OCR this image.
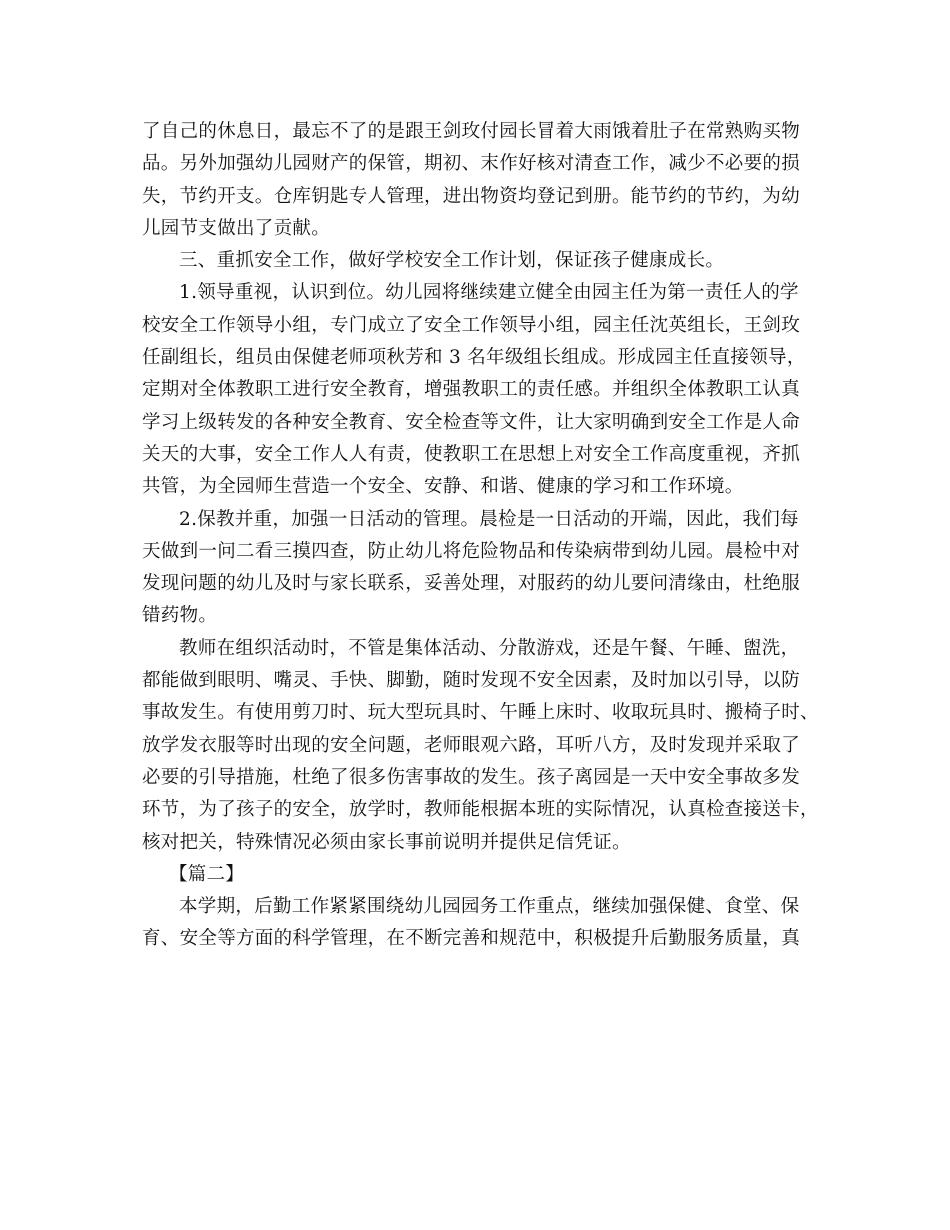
了自己的休息日，最忘不了的是跟王剑玫付园长冒着大雨饿着肚子在常熟购买物
品。另外加强幼儿园财产的保管，期初、末作好核对清查工作，减少不必要的损
失，节约开支。仓库钥匙专人管理，进出物资均登记到册。能节约的节约，为幼
儿园节支做出了贡献。
三、重抓安全工作，做好学校安全工作计划，保证孩子健康成长。
1.领导重视，认识到位。幼儿园将继续建立健全由园主任为第一责任人的学
校安全工作领导小组，专门成立了安全工作领导小组，园主任沈英组长，王剑玫
任副组长，组员由保健老师项秋芳和 3 名年级组长组成。形成园主任直接领导，
定期对全体教职工进行安全教育，增强教职工的责任感。并组织全体教职工认真
学习上级转发的各种安全教育、安全检查等文件，让大家明确到安全工作是人命
关天的大事，安全工作人人有责，使教职工在思想上对安全工作高度重视，齐抓
共管，为全园师生营造一个安全、安静、和谐、健康的学习和工作环境。
2.保教并重，加强一日活动的管理。晨检是一日活动的开端，因此，我们每
天做到一问二看三摸四查，防止幼儿将危险物品和传染病带到幼儿园。晨检中对
发现问题的幼儿及时与家长联系，妥善处理，对服药的幼儿要问清缘由，杜绝服
错药物。
教师在组织活动时，不管是集体活动、分散游戏，还是午餐、午睡、盥洗，
都能做到眼明、嘴灵、手快、脚勤，随时发现不安全因素，及时加以引导，以防
事故发生。有使用剪刀时、玩大型玩具时、午睡上床时、收取玩具时、搬椅子时、
放学发衣服等时出现的安全问题，老师眼观六路，耳听八方，及时发现并采取了
必要的引导措施，杜绝了很多伤害事故的发生。孩子离园是一天中安全事故多发
环节，为了孩子的安全，放学时，教师能根据本班的实际情况，认真检查接送卡，
核对把关，特殊情况必须由家长事前说明并提供足信凭证。
【篇二】
本学期，后勤工作紧紧围绕幼儿园园务工作重点，继续加强保健、食堂、保
育、安全等方面的科学管理，在不断完善和规范中，积极提升后勤服务质量，真
